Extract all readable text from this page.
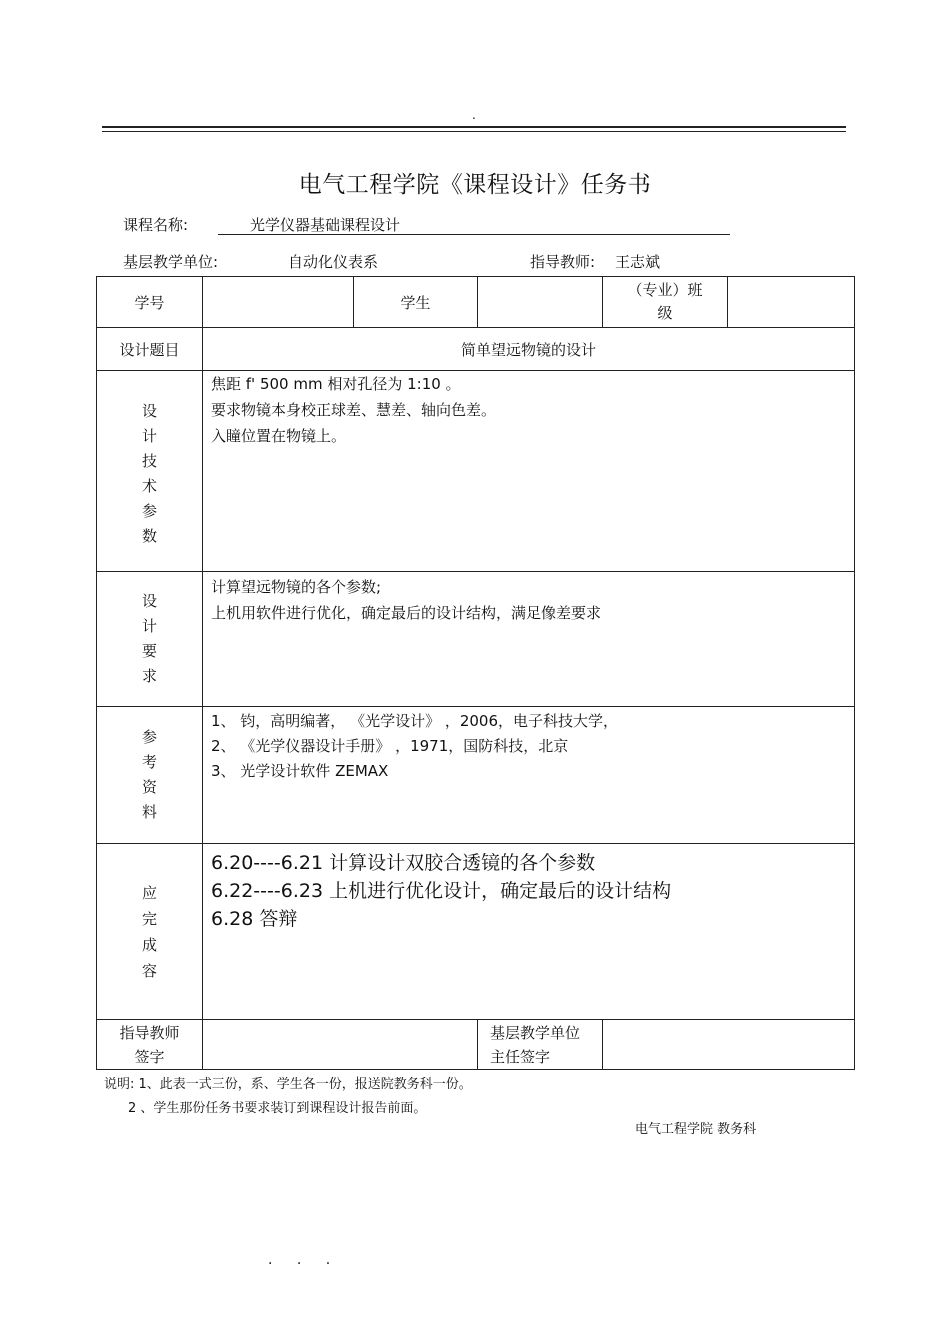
.
电气工程学院《课程设计》任务书
课程名称:	光学仪器基础课程设计
基层教学单位:	自动化仪表系	指导教师: 王志斌
学号		学生		（专业）班级	
设计题目	简单望远物镜的设计				

设计技术参数	焦距 f' 500 mm 相对孔径为 1:10 。
要求物镜本身校正球差、慧差、轴向色差。
入瞳位置在物镜上。				

设计要求	计算望远物镜的各个参数;
上机用软件进行优化，确定最后的设计结构，满足像差要求				

参考资料	1、 钧，高明编著， 《光学设计》 ，2006，电子科技大学，
2、 《光学仪器设计手册》 ，1971，国防科技，北京
3、 光学设计软件 ZEMAX				

应完成容	6.20----6.21 计算设计双胶合透镜的各个参数
6.22----6.23 上机进行优化设计，确定最后的设计结构
6.28 答辩				

指导教师签字			基层教学单位主任签字		
说明: 1、此表一式三份，系、学生各一份，报送院教务科一份。
2 、学生那份任务书要求装订到课程设计报告前面。
电气工程学院 教务科
. . .
